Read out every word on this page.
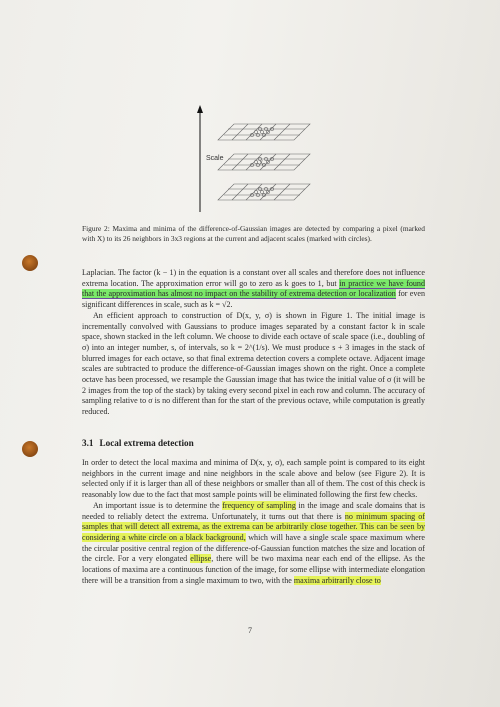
Scale
X
Figure 2: Maxima and minima of the difference-of-Gaussian images are detected by comparing a pixel (marked with X) to its 26 neighbors in 3x3 regions at the current and adjacent scales (marked with circles).

Laplacian. The factor (k − 1) in the equation is a constant over all scales and therefore does not influence extrema location. The approximation error will go to zero as k goes to 1, but in practice we have found that the approximation has almost no impact on the stability of extrema detection or localization for even significant differences in scale, such as k = √2.

An efficient approach to construction of D(x, y, σ) is shown in Figure 1. The initial image is incrementally convolved with Gaussians to produce images separated by a constant factor k in scale space, shown stacked in the left column. We choose to divide each octave of scale space (i.e., doubling of σ) into an integer number, s, of intervals, so k = 2^(1/s). We must produce s + 3 images in the stack of blurred images for each octave, so that final extrema detection covers a complete octave. Adjacent image scales are subtracted to produce the difference-of-Gaussian images shown on the right. Once a complete octave has been processed, we resample the Gaussian image that has twice the initial value of σ (it will be 2 images from the top of the stack) by taking every second pixel in each row and column. The accuracy of sampling relative to σ is no different than for the start of the previous octave, while computation is greatly reduced.

3.1 Local extrema detection

In order to detect the local maxima and minima of D(x, y, σ), each sample point is compared to its eight neighbors in the current image and nine neighbors in the scale above and below (see Figure 2). It is selected only if it is larger than all of these neighbors or smaller than all of them. The cost of this check is reasonably low due to the fact that most sample points will be eliminated following the first few checks.

An important issue is to determine the frequency of sampling in the image and scale domains that is needed to reliably detect the extrema. Unfortunately, it turns out that there is no minimum spacing of samples that will detect all extrema, as the extrema can be arbitrarily close together. This can be seen by considering a white circle on a black background, which will have a single scale space maximum where the circular positive central region of the difference-of-Gaussian function matches the size and location of the circle. For a very elongated ellipse, there will be two maxima near each end of the ellipse. As the locations of maxima are a continuous function of the image, for some ellipse with intermediate elongation there will be a transition from a single maximum to two, with the maxima arbitrarily close to

7
